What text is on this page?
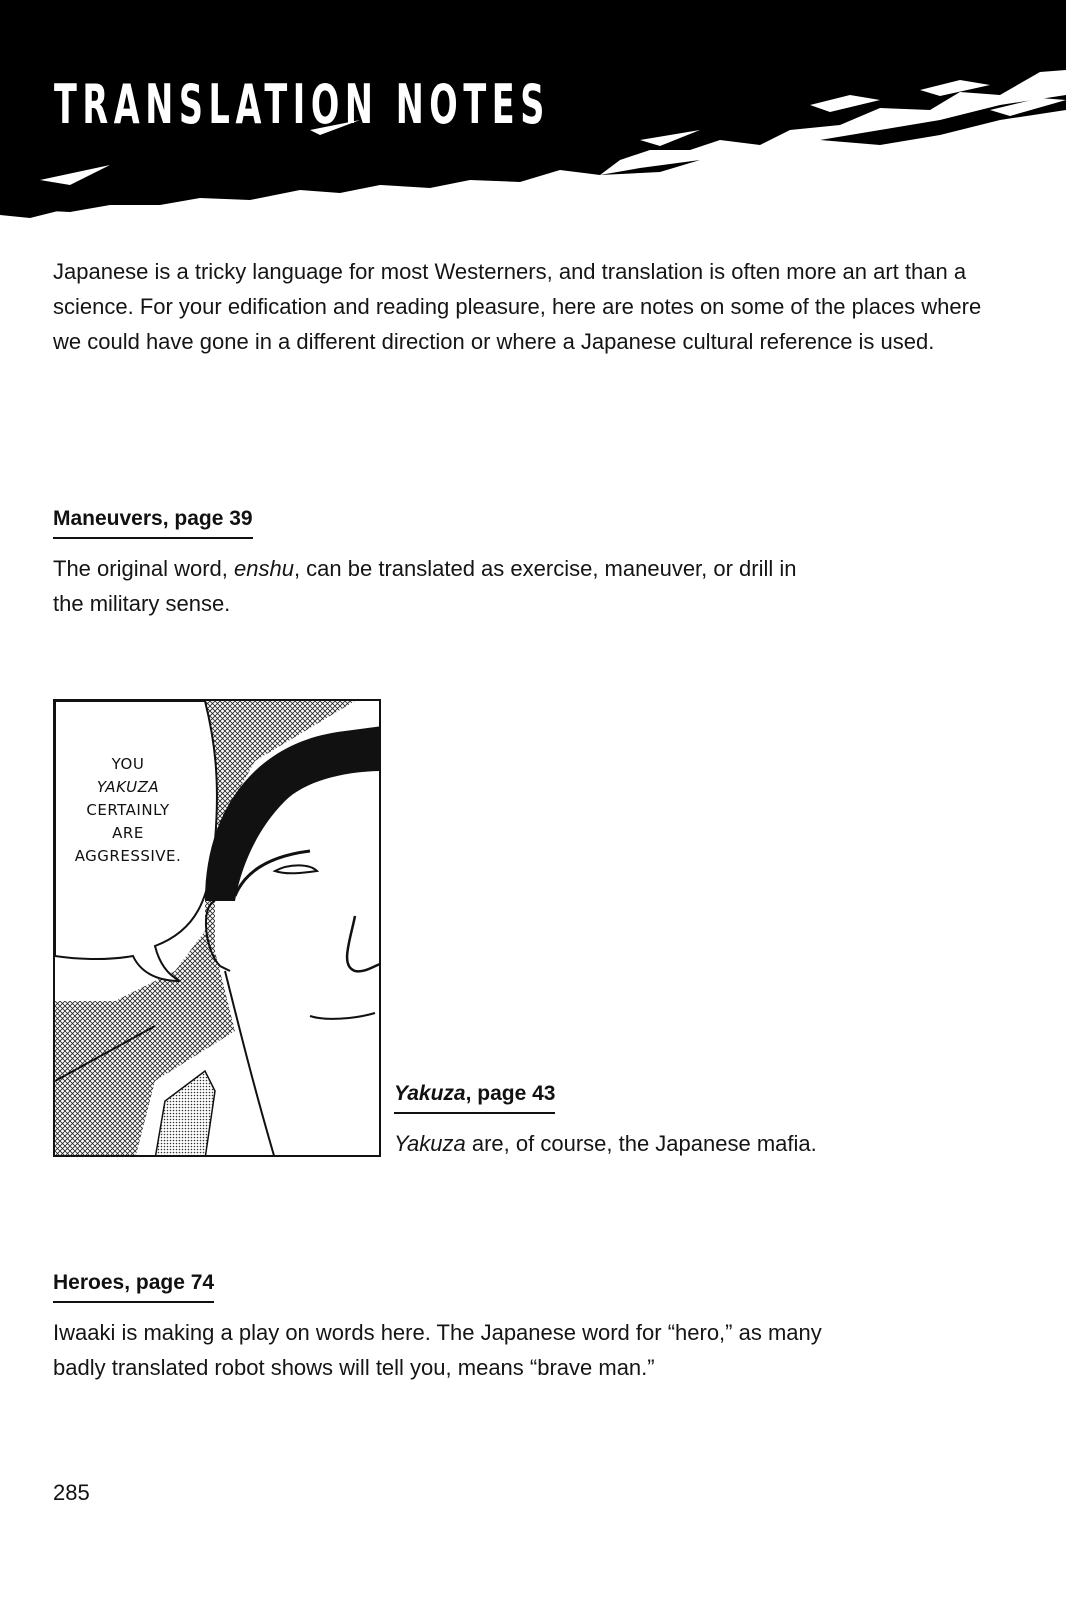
TRANSLATION NOTES
Japanese is a tricky language for most Westerners, and translation is often more an art than a science. For your edification and reading pleasure, here are notes on some of the places where we could have gone in a different direction or where a Japanese cultural reference is used.
Maneuvers, page 39
The original word, enshu, can be translated as exercise, maneuver, or drill in the military sense.
YOU
YAKUZA
CERTAINLY
ARE
AGGRESSIVE.
Yakuza, page 43
Yakuza are, of course, the Japanese mafia.
Heroes, page 74
Iwaaki is making a play on words here. The Japanese word for “hero,” as many badly translated robot shows will tell you, means “brave man.”
285
